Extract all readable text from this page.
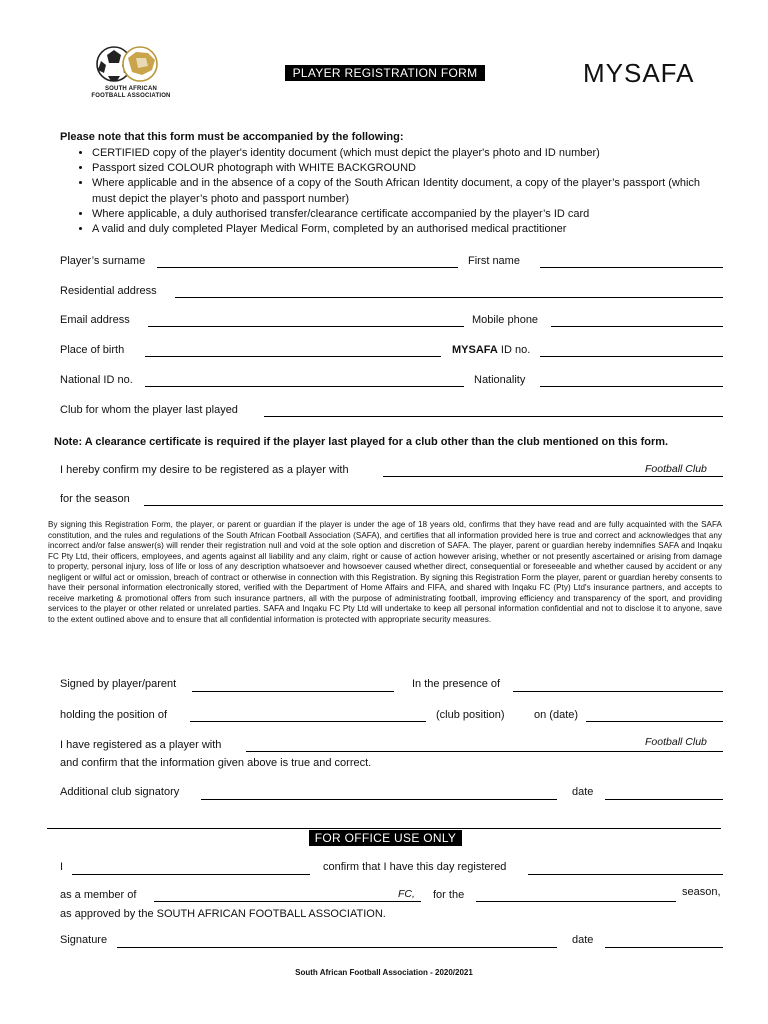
SOUTH AFRICAN FOOTBALL ASSOCIATION
PLAYER REGISTRATION FORM	MYSAFA
Please note that this form must be accompanied by the following:
• CERTIFIED copy of the player's identity document (which must depict the player's photo and ID number)
• Passport sized COLOUR photograph with WHITE BACKGROUND
• Where applicable and in the absence of a copy of the South African Identity document, a copy of the player’s passport (which must depict the player’s photo and passport number)
• Where applicable, a duly authorised transfer/clearance certificate accompanied by the player’s ID card
• A valid and duly completed Player Medical Form, completed by an authorised medical practitioner
Player’s surname	First name
Residential address
Email address	Mobile phone
Place of birth	MYSAFA ID no.
National ID no.	Nationality
Club for whom the player last played
Note: A clearance certificate is required if the player last played for a club other than the club mentioned on this form.
I hereby confirm my desire to be registered as a player with	Football Club
for the season
By signing this Registration Form, the player, or parent or guardian if the player is under the age of 18 years old, confirms that they have read and are fully acquainted with the SAFA constitution, and the rules and regulations of the South African Football Association (SAFA), and certifies that all information provided here is true and correct and acknowledges that any incorrect and/or false answer(s) will render their registration null and void at the sole option and discretion of SAFA. The player, parent or guardian hereby indemnifies SAFA and Inqaku FC Pty Ltd, their officers, employees, and agents against all liability and any claim, right or cause of action however arising, whether or not presently ascertained or arising from damage to property, personal injury, loss of life or loss of any description whatsoever and howsoever caused whether direct, consequential or foreseeable and whether caused by accident or any negligent or wilful act or omission, breach of contract or otherwise in connection with this Registration. By signing this Registration Form the player, parent or guardian hereby consents to have their personal information electronically stored, verified with the Department of Home Affairs and FIFA, and shared with Inqaku FC (Pty) Ltd's insurance partners, and accepts to receive marketing & promotional offers from such insurance partners, all with the purpose of administrating football, improving efficiency and transparency of the sport, and providing services to the player or other related or unrelated parties. SAFA and Inqaku FC Pty Ltd will undertake to keep all personal information confidential and not to disclose it to anyone, save to the extent outlined above and to ensure that all confidential information is protected with appropriate security measures.
Signed by player/parent	In the presence of
holding the position of	(club position)	on (date)
I have registered as a player with	Football Club
and confirm that the information given above is true and correct.
Additional club signatory	date
FOR OFFICE USE ONLY
I	confirm that I have this day registered
as a member of	FC, for the	season,
as approved by the SOUTH AFRICAN FOOTBALL ASSOCIATION.
Signature	date
South African Football Association - 2020/2021
